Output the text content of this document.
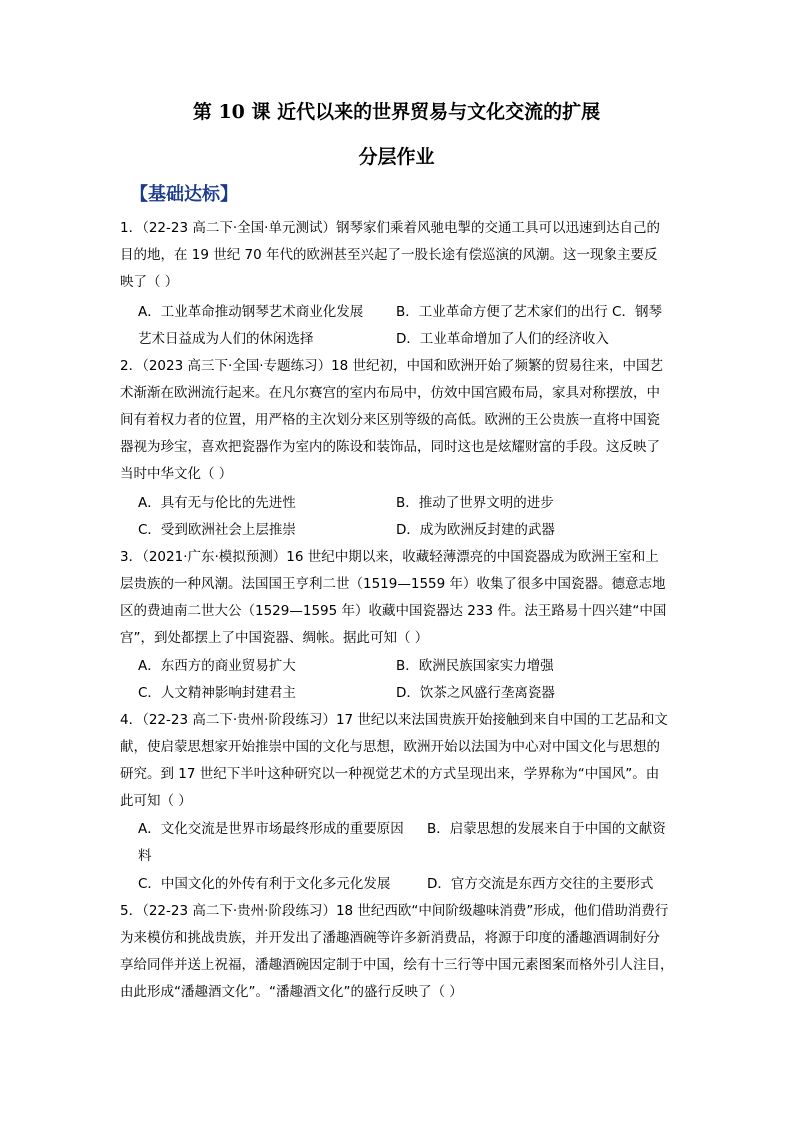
第 10 课 近代以来的世界贸易与文化交流的扩展
分层作业
【基础达标】
1．（22-23 高二下·全国·单元测试）钢琴家们乘着风驰电掣的交通工具可以迅速到达自己的
目的地，在 19 世纪 70 年代的欧洲甚至兴起了一股长途有偿巡演的风潮。这一现象主要反
映了（ ）
A．工业革命推动钢琴艺术商业化发展 B．工业革命方便了艺术家们的出行 C．钢琴
艺术日益成为人们的休闲选择	D．工业革命增加了人们的经济收入
2．（2023 高三下·全国·专题练习）18 世纪初，中国和欧洲开始了频繁的贸易往来，中国艺
术渐渐在欧洲流行起来。在凡尔赛宫的室内布局中，仿效中国宫殿布局，家具对称摆放，中
间有着权力者的位置，用严格的主次划分来区别等级的高低。欧洲的王公贵族一直将中国瓷
器视为珍宝，喜欢把瓷器作为室内的陈设和装饰品，同时这也是炫耀财富的手段。这反映了
当时中华文化（ ）
A．具有无与伦比的先进性	B．推动了世界文明的进步
C．受到欧洲社会上层推崇	D．成为欧洲反封建的武器
3．（2021·广东·模拟预测）16 世纪中期以来，收藏轻薄漂亮的中国瓷器成为欧洲王室和上
层贵族的一种风潮。法国国王亨利二世（1519—1559 年）收集了很多中国瓷器。德意志地
区的费迪南二世大公（1529—1595 年）收藏中国瓷器达 233 件。法王路易十四兴建“中国
宫”，到处都摆上了中国瓷器、绸帐。据此可知（ ）
A．东西方的商业贸易扩大	B．欧洲民族国家实力增强
C．人文精神影响封建君主	D．饮茶之风盛行垄离瓷器
4．（22-23 高二下·贵州·阶段练习）17 世纪以来法国贵族开始接触到来自中国的工艺品和文
献，使启蒙思想家开始推崇中国的文化与思想，欧洲开始以法国为中心对中国文化与思想的
研究。到 17 世纪下半叶这种研究以一种视觉艺术的方式呈现出来，学界称为“中国风”。由
此可知（ ）
A．文化交流是世界市场最终形成的重要原因 B．启蒙思想的发展来自于中国的文献资
料
C．中国文化的外传有利于文化多元化发展	D．官方交流是东西方交往的主要形式
5．（22-23 高二下·贵州·阶段练习）18 世纪西欧“中间阶级趣味消费”形成，他们借助消费行
为来模仿和挑战贵族，并开发出了潘趣酒碗等许多新消费品，将源于印度的潘趣酒调制好分
享给同伴并送上祝福，潘趣酒碗因定制于中国，绘有十三行等中国元素图案而格外引人注目，
由此形成“潘趣酒文化”。“潘趣酒文化”的盛行反映了（ ）
